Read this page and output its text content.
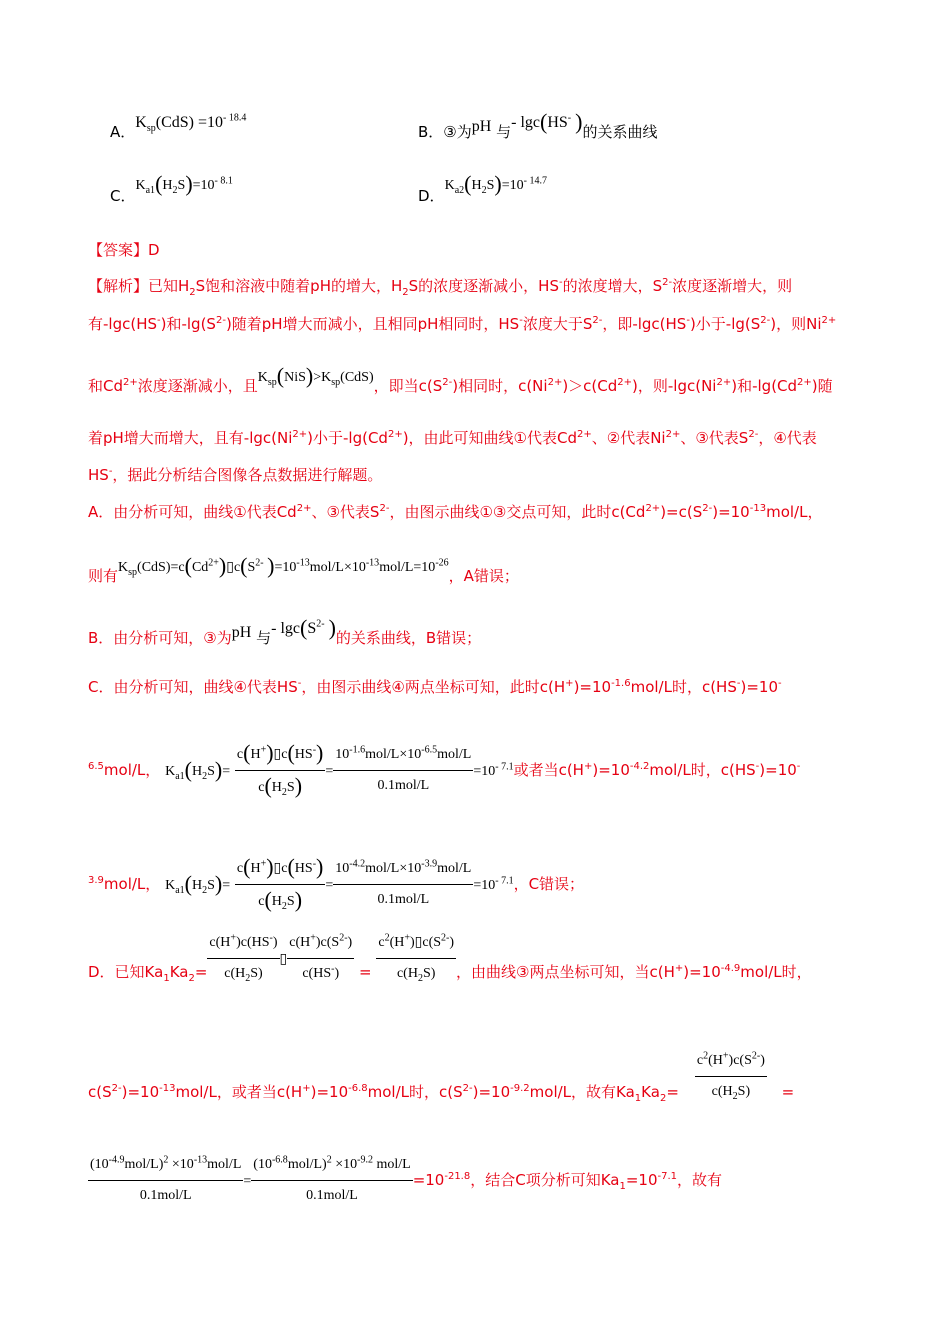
A．$K_{sp}(CdS) =10^{- 18.4}$
B．③为pH 与- lgc(HS- )的关系曲线
C．$K_{a1}(H_2S)=10^{- 8.1}$
D．$K_{a2}(H_2S)=10^{- 14.7}$
【答案】D
【解析】已知$H_2S$饱和溶液中随着pH的增大，$H_2S$的浓度逐渐减小，HS-的浓度增大，$S^{2-}$浓度逐渐增大，则
有-lgc(HS-)和$-\lg(S^{2-})$随着pH增大而减小，且相同pH相同时，HS-浓度大于$S^{2-}$，即-lgc(HS-)小于$-\lg(S^{2-})$，则$Ni^{2+}$
和$Cd^{2+}$浓度逐渐减小，且$K_{sp}(NiS)>K_{sp}(CdS)$，即当$c(S^{2-})$相同时，$c(Ni^{2+})>c(Cd^{2+})$，则$-\lg c(Ni^{2+})$和$-\lg(Cd^{2+})$随
着pH增大而增大，且有$-\lg c(Ni^{2+})$小于$-\lg(Cd^{2+})$，由此可知曲线①代表$Cd^{2+}$、②代表$Ni^{2+}$、③代表$S^{2-}$，④代表
HS-，据此分析结合图像各点数据进行解题。
A．由分析可知，曲线①代表$Cd^{2+}$、③代表$S^{2-}$，由图示曲线①③交点可知，此时$c(Cd^{2+})=c(S^{2-})=10^{-13}mol/L$，
则有$K_{sp}(CdS)=c(Cd^{2+})▯c(S^{2-}$ )$=10^{-13}mol/L\times 10^{-13}mol/L=10^{-26}$，A错误；
B．由分析可知，③为pH 与- $\lg c(S^{2-}$ )的关系曲线，B错误；
C．由分析可知，曲线④代表HS-，由图示曲线④两点坐标可知，此时$c(H^+)=10^{-1.6}mol/L$时，c(HS-)=10-
$^{6.5}$mol/L， $K_{a1}(H_2S)= \frac{c(H^+)▯c(HS^-)}{c(H_2S)} = \frac{10^{-1.6}mol/L\times 10^{-6.5}mol/L}{\text{0.1mol/L}} =10^{- 7.1}$或者当$c(H^+)=10^{-4.2}mol/L$时，c(HS-)=10-
$^{3.9}$mol/L， $K_{a1}(H_2S)= \frac{c(H^+)▯c(HS^-)}{c(H_2S)} = \frac{10^{-4.2}mol/L\times 10^{-3.9}mol/L}{\text{0.1mol/L}} =10^{- 7.1}$，C错误；
D．已知$Ka_1Ka_2= \frac{c(H^+)c(HS^-)}{c(H_2S)}$ ▯ $\frac{c(H^+)c(S^{2-})}{c(HS^-)} = \frac{c^2(H^+)▯c(S^{2-})}{c(H_2S)}$ ，由曲线③两点坐标可知，当$c(H^+)=10^{-4.9}mol/L$时，
$c(S^{2-})=10^{-13}mol/L$，或者当$c(H^+)=10^{-6.8}mol/L$时，$c(S^{2-})=10^{-9.2}mol/L$，故有$Ka_1Ka_2= \frac{c^2(H^+)c(S^{2-})}{c(H_2S)}$ =
$\frac{(10^{-4.9}mol/L)^2 \times 10^{-13}mol/L}{\text{0.1mol/L}} = \frac{(10^{-6.8}mol/L)^2 \times 10^{-9.2} mol/L}{\text{0.1mol/L}} =10^{-21.8}$，结合C项分析可知$Ka_1=10^{-7.1}$，故有
